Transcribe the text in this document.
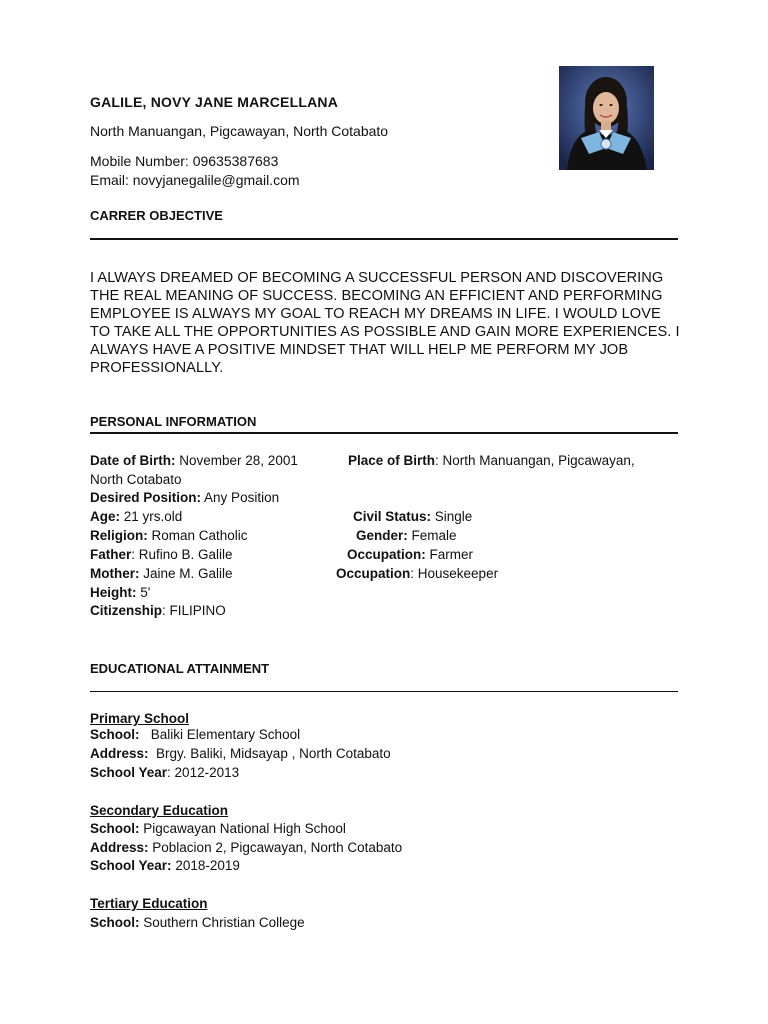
GALILE, NOVY JANE MARCELLANA
North Manuangan, Pigcawayan, North Cotabato
Mobile Number: 09635387683
Email: novyjanegalile@gmail.com
CARRER OBJECTIVE
I ALWAYS DREAMED OF BECOMING A SUCCESSFUL PERSON AND DISCOVERING THE REAL MEANING OF SUCCESS. BECOMING AN EFFICIENT AND PERFORMING EMPLOYEE IS ALWAYS MY GOAL TO REACH MY DREAMS IN LIFE. I WOULD LOVE TO TAKE ALL THE OPPORTUNITIES AS POSSIBLE AND GAIN MORE EXPERIENCES. I ALWAYS HAVE A POSITIVE MINDSET THAT WILL HELP ME PERFORM MY JOB PROFESSIONALLY.
PERSONAL INFORMATION
Date of Birth: November 28, 2001	Place of Birth: North Manuangan, Pigcawayan,
North Cotabato
Desired Position: Any Position
Age: 21 yrs.old	Civil Status: Single
Religion: Roman Catholic	Gender: Female
Father: Rufino B. Galile	Occupation: Farmer
Mother: Jaine M. Galile	Occupation: Housekeeper
Height: 5'
Citizenship: FILIPINO
EDUCATIONAL ATTAINMENT
Primary School
School: Baliki Elementary School
Address: Brgy. Baliki, Midsayap , North Cotabato
School Year: 2012-2013
Secondary Education
School: Pigcawayan National High School
Address: Poblacion 2, Pigcawayan, North Cotabato
School Year: 2018-2019
Tertiary Education
School: Southern Christian College
